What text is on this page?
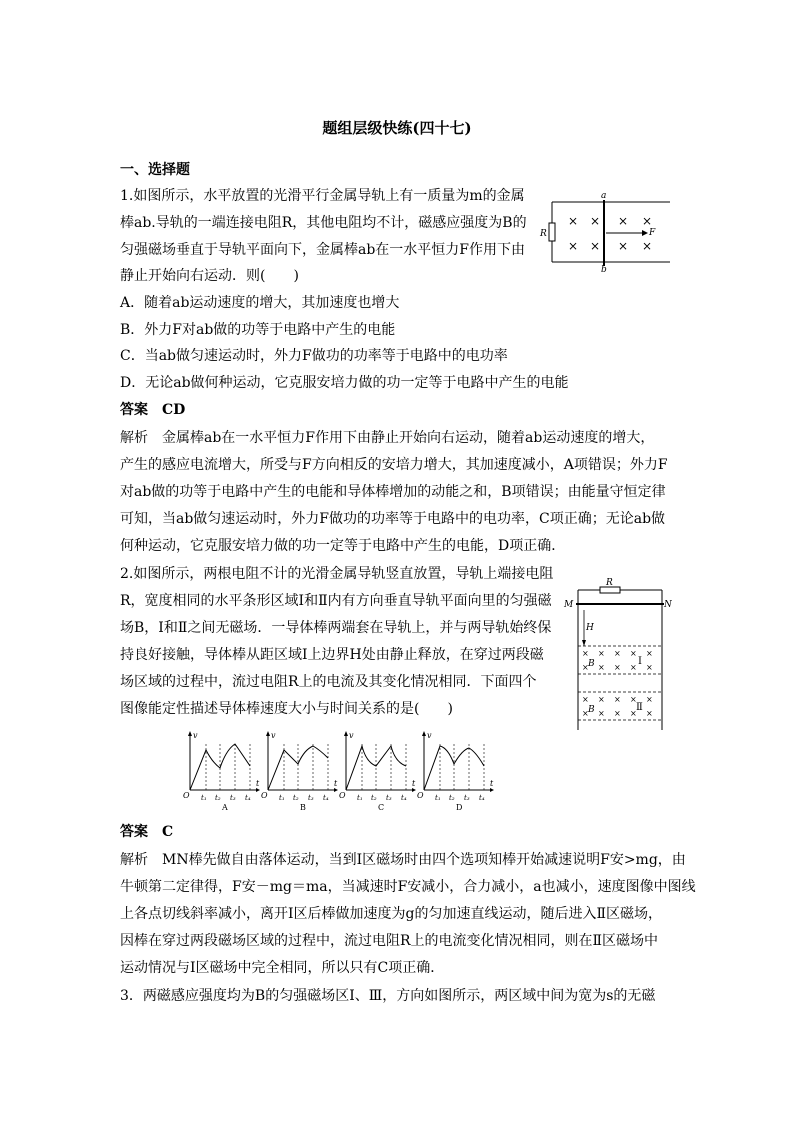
题组层级快练(四十七)
一、选择题
1.如图所示，水平放置的光滑平行金属导轨上有一质量为m的金属
棒ab.导轨的一端连接电阻R，其他电阻均不计，磁感应强度为B的
匀强磁场垂直于导轨平面向下，金属棒ab在一水平恒力F作用下由
静止开始向右运动．则(　　)
R
a
b
× × × ×
× × × ×
F
A．随着ab运动速度的增大，其加速度也增大
B．外力F对ab做的功等于电路中产生的电能
C．当ab做匀速运动时，外力F做功的功率等于电路中的电功率
D．无论ab做何种运动，它克服安培力做的功一定等于电路中产生的电能
答案　CD
解析　金属棒ab在一水平恒力F作用下由静止开始向右运动，随着ab运动速度的增大，
产生的感应电流增大，所受与F方向相反的安培力增大，其加速度减小，A项错误；外力F
对ab做的功等于电路中产生的电能和导体棒增加的动能之和，B项错误；由能量守恒定律
可知，当ab做匀速运动时，外力F做功的功率等于电路中的电功率，C项正确；无论ab做
何种运动，它克服安培力做的功一定等于电路中产生的电能，D项正确．
2.如图所示，两根电阻不计的光滑金属导轨竖直放置，导轨上端接电阻
R，宽度相同的水平条形区域Ⅰ和Ⅱ内有方向垂直导轨平面向里的匀强磁
场B，Ⅰ和Ⅱ之间无磁场．一导体棒两端套在导轨上，并与两导轨始终保
持良好接触，导体棒从距区域Ⅰ上边界H处由静止释放，在穿过两段磁
场区域的过程中，流过电阻R上的电流及其变化情况相同．下面四个
图像能定性描述导体棒速度大小与时间关系的是(　　)
R
M	N
H
× × × × ×
× × × × ×
B	Ⅰ
× × × × ×
× × × × ×
B	Ⅱ
v
t
O t₁ t₂ t₃ t₄
A
v
t
O t₁ t₂ t₃ t₄
B
v
t
O t₁ t₂ t₃ t₄
C
v
t
O t₁ t₂ t₃ t₄
D
答案　C
解析　MN棒先做自由落体运动，当到Ⅰ区磁场时由四个选项知棒开始减速说明F安>mg，由
牛顿第二定律得，F安－mg＝ma，当减速时F安减小，合力减小，a也减小，速度图像中图线
上各点切线斜率减小，离开Ⅰ区后棒做加速度为g的匀加速直线运动，随后进入Ⅱ区磁场，
因棒在穿过两段磁场区域的过程中，流过电阻R上的电流变化情况相同，则在Ⅱ区磁场中
运动情况与Ⅰ区磁场中完全相同，所以只有C项正确．
3．两磁感应强度均为B的匀强磁场区Ⅰ、Ⅲ，方向如图所示，两区域中间为宽为s的无磁
